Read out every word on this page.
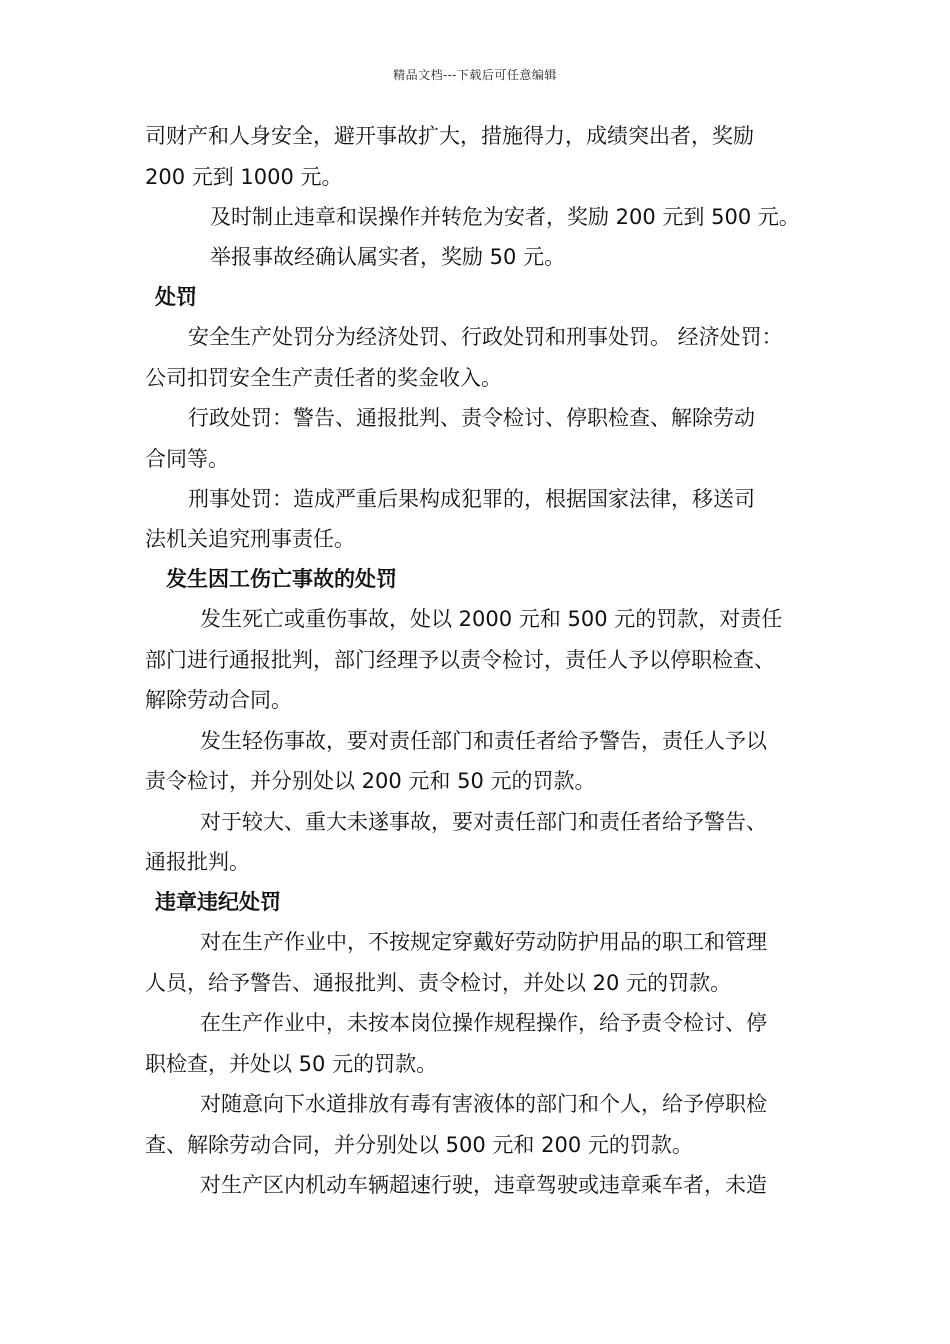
精品文档---下载后可任意编辑
司财产和人身安全，避开事故扩大，措施得力，成绩突出者，奖励
200 元到 1000 元。
及时制止违章和误操作并转危为安者，奖励 200 元到 500 元。
举报事故经确认属实者，奖励 50 元。
处罚
安全生产处罚分为经济处罚、行政处罚和刑事处罚。 经济处罚：
公司扣罚安全生产责任者的奖金收入。
行政处罚：警告、通报批判、责令检讨、停职检查、解除劳动
合同等。
刑事处罚：造成严重后果构成犯罪的，根据国家法律，移送司
法机关追究刑事责任。
发生因工伤亡事故的处罚
发生死亡或重伤事故，处以 2000 元和 500 元的罚款，对责任
部门进行通报批判，部门经理予以责令检讨，责任人予以停职检查、
解除劳动合同。
发生轻伤事故，要对责任部门和责任者给予警告，责任人予以
责令检讨，并分别处以 200 元和 50 元的罚款。
对于较大、重大未遂事故，要对责任部门和责任者给予警告、
通报批判。
违章违纪处罚
对在生产作业中，不按规定穿戴好劳动防护用品的职工和管理
人员，给予警告、通报批判、责令检讨，并处以 20 元的罚款。
在生产作业中，未按本岗位操作规程操作，给予责令检讨、停
职检查，并处以 50 元的罚款。
对随意向下水道排放有毒有害液体的部门和个人，给予停职检
查、解除劳动合同，并分别处以 500 元和 200 元的罚款。
对生产区内机动车辆超速行驶，违章驾驶或违章乘车者，未造
